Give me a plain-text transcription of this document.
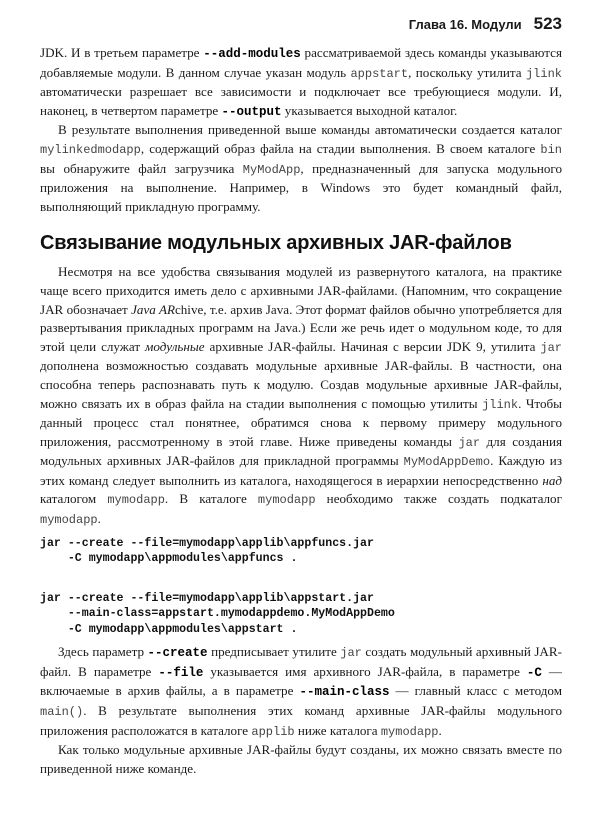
Глава 16. Модули 523

JDK. И в третьем параметре --add-modules рассматриваемой здесь команды указываются добавляемые модули. В данном случае указан модуль appstart, поскольку утилита jlink автоматически разрешает все зависимости и подключает все требующиеся модули. И, наконец, в четвертом параметре --output указывается выходной каталог.

В результате выполнения приведенной выше команды автоматически создается каталог mylinkedmodapp, содержащий образ файла на стадии выполнения. В своем каталоге bin вы обнаружите файл загрузчика MyModApp, предназначенный для запуска модульного приложения на выполнение. Например, в Windows это будет командный файл, выполняющий прикладную программу.

Связывание модульных архивных JAR-файлов

Несмотря на все удобства связывания модулей из развернутого каталога, на практике чаще всего приходится иметь дело с архивными JAR-файлами. (Напомним, что сокращение JAR обозначает Java ARchive, т.е. архив Java. Этот формат файлов обычно употребляется для развертывания прикладных программ на Java.) Если же речь идет о модульном коде, то для этой цели служат модульные архивные JAR-файлы. Начиная с версии JDK 9, утилита jar дополнена возможностью создавать модульные архивные JAR-файлы. В частности, она способна теперь распознавать путь к модулю. Создав модульные архивные JAR-файлы, можно связать их в образ файла на стадии выполнения с помощью утилиты jlink. Чтобы данный процесс стал понятнее, обратимся снова к первому примеру модульного приложения, рассмотренному в этой главе. Ниже приведены команды jar для создания модульных архивных JAR-файлов для прикладной программы MyModAppDemo. Каждую из этих команд следует выполнить из каталога, находящегося в иерархии непосредственно над каталогом mymodapp. В каталоге mymodapp необходимо также создать подкаталог mymodapp.

jar --create --file=mymodapp\applib\appfuncs.jar
-C mymodapp\appmodules\appfuncs .
jar --create --file=mymodapp\applib\appstart.jar
--main-class=appstart.mymodappdemo.MyModAppDemo
-C mymodapp\appmodules\appstart .

Здесь параметр --create предписывает утилите jar создать модульный архивный JAR-файл. В параметре --file указывается имя архивного JAR-файла, в параметре -C — включаемые в архив файлы, а в параметре --main-class — главный класс с методом main(). В результате выполнения этих команд архивные JAR-файлы модульного приложения расположатся в каталоге applib ниже каталога mymodapp.

Как только модульные архивные JAR-файлы будут созданы, их можно связать вместе по приведенной ниже команде.
